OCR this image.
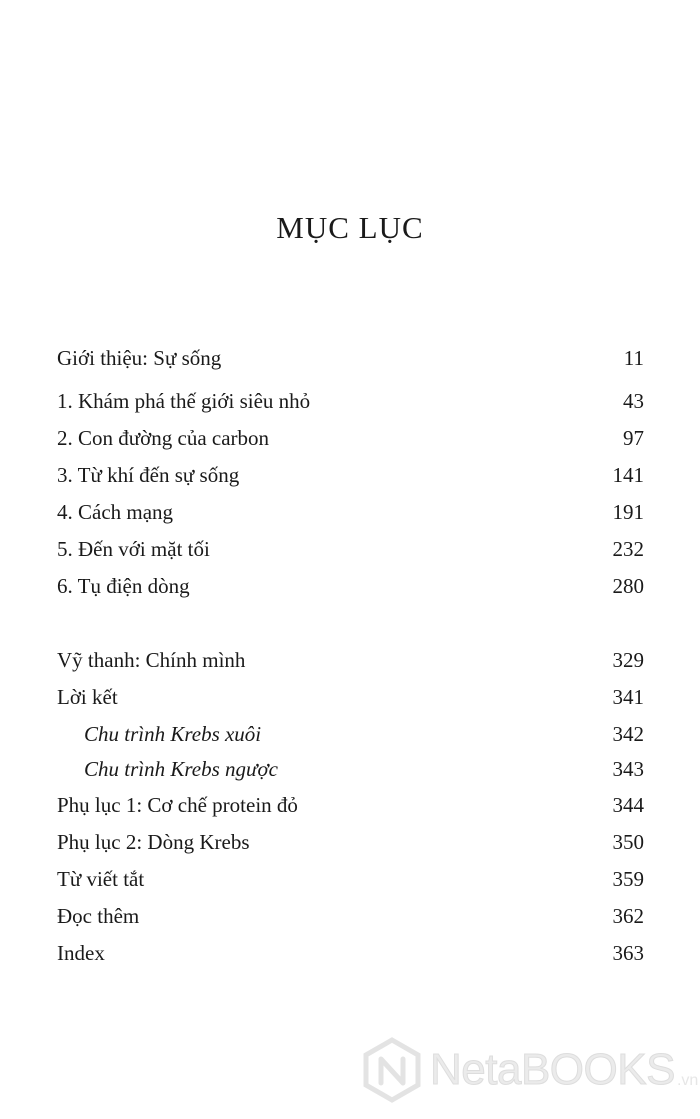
MỤC LỤC
Giới thiệu: Sự sống	11
1. Khám phá thế giới siêu nhỏ	43
2. Con đường của carbon	97
3. Từ khí đến sự sống	141
4. Cách mạng	191
5. Đến với mặt tối	232
6. Tụ điện dòng	280
Vỹ thanh: Chính mình	329
Lời kết	341
Chu trình Krebs xuôi	342
Chu trình Krebs ngược	343
Phụ lục 1: Cơ chế protein đỏ	344
Phụ lục 2: Dòng Krebs	350
Từ viết tắt	359
Đọc thêm	362
Index	363
NetaBOOKS .vn
